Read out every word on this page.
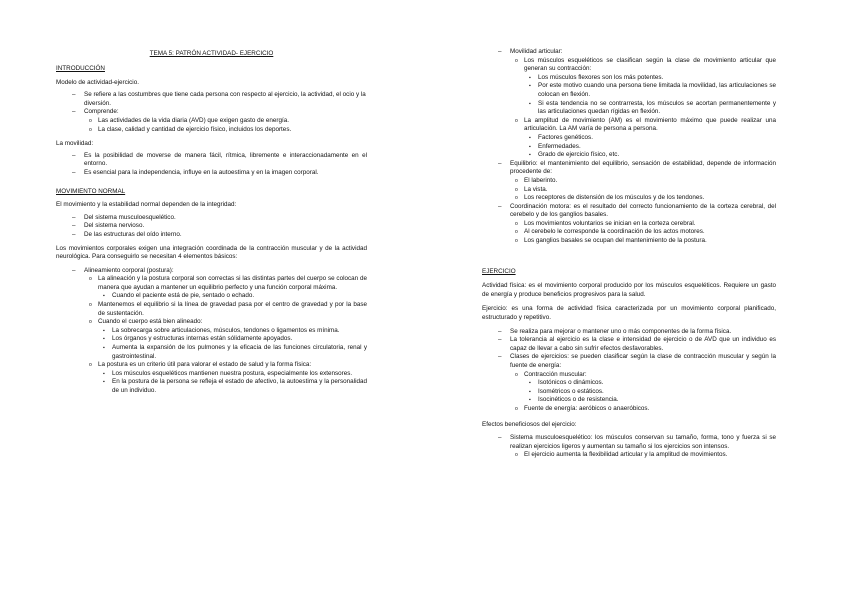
TEMA 5: PATRÓN ACTIVIDAD- EJERCICIO

INTRODUCCIÓN

Modelo de actividad-ejercicio.

– Se refiere a las costumbres que tiene cada persona con respecto al ejercicio, la actividad, el ocio y la diversión.
– Comprende:
o Las actividades de la vida diaria (AVD) que exigen gasto de energía.
o La clase, calidad y cantidad de ejercicio físico, incluidos los deportes.

La movilidad:

– Es la posibilidad de moverse de manera fácil, rítmica, libremente e interaccionadamente en el entorno.
– Es esencial para la independencia, influye en la autoestima y en la imagen corporal.

MOVIMIENTO NORMAL

El movimiento y la estabilidad normal dependen de la integridad:

– Del sistema musculoesquelético.
– Del sistema nervioso.
– De las estructuras del oído interno.

Los movimientos corporales exigen una integración coordinada de la contracción muscular y de la actividad neurológica. Para conseguirlo se necesitan 4 elementos básicos:

– Alineamiento corporal (postura):
o La alineación y la postura corporal son correctas si las distintas partes del cuerpo se colocan de manera que ayudan a mantener un equilibrio perfecto y una función corporal máxima.
▪ Cuando el paciente está de pie, sentado o echado.
o Mantenemos el equilibrio si la línea de gravedad pasa por el centro de gravedad y por la base de sustentación.
o Cuando el cuerpo está bien alineado:
▪ La sobrecarga sobre articulaciones, músculos, tendones o ligamentos es mínima.
▪ Los órganos y estructuras internas están sólidamente apoyados.
▪ Aumenta la expansión de los pulmones y la eficacia de las funciones circulatoria, renal y gastrointestinal.
o La postura es un criterio útil para valorar el estado de salud y la forma física:
▪ Los músculos esqueléticos mantienen nuestra postura, especialmente los extensores.
▪ En la postura de la persona se refleja el estado de afectivo, la autoestima y la personalidad de un individuo.
– Movilidad articular:
o Los músculos esqueléticos se clasifican según la clase de movimiento articular que generan su contracción:
▪ Los músculos flexores son los más potentes.
▪ Por este motivo cuando una persona tiene limitada la movilidad, las articulaciones se colocan en flexión.
▪ Si esta tendencia no se contrarresta, los músculos se acortan permanentemente y las articulaciones quedan rígidas en flexión.
o La amplitud de movimiento (AM) es el movimiento máximo que puede realizar una articulación. La AM varía de persona a persona.
▪ Factores genéticos.
▪ Enfermedades.
▪ Grado de ejercicio físico, etc.
– Equilibrio: el mantenimiento del equilibrio, sensación de estabilidad, depende de información procedente de:
o El laberinto.
o La vista.
o Los receptores de distensión de los músculos y de los tendones.
– Coordinación motora: es el resultado del correcto funcionamiento de la corteza cerebral, del cerebelo y de los ganglios basales.
o Los movimientos voluntarios se inician en la corteza cerebral.
o Al cerebelo le corresponde la coordinación de los actos motores.
o Los ganglios basales se ocupan del mantenimiento de la postura.

EJERCICIO

Actividad física: es el movimiento corporal producido por los músculos esqueléticos. Requiere un gasto de energía y produce beneficios progresivos para la salud.

Ejercicio: es una forma de actividad física caracterizada por un movimiento corporal planificado, estructurado y repetitivo.

– Se realiza para mejorar o mantener uno o más componentes de la forma física.
– La tolerancia al ejercicio es la clase e intensidad de ejercicio o de AVD que un individuo es capaz de llevar a cabo sin sufrir efectos desfavorables.
– Clases de ejercicios: se pueden clasificar según la clase de contracción muscular y según la fuente de energía:
o Contracción muscular:
▪ Isotónicos o dinámicos.
▪ Isométricos o estáticos.
▪ Isocinéticos o de resistencia.
o Fuente de energía: aeróbicos o anaeróbicos.

Efectos beneficiosos del ejercicio:

– Sistema musculoesquelético: los músculos conservan su tamaño, forma, tono y fuerza si se realizan ejercicios ligeros y aumentan su tamaño si los ejercicios son intensos.
o El ejercicio aumenta la flexibilidad articular y la amplitud de movimientos.
